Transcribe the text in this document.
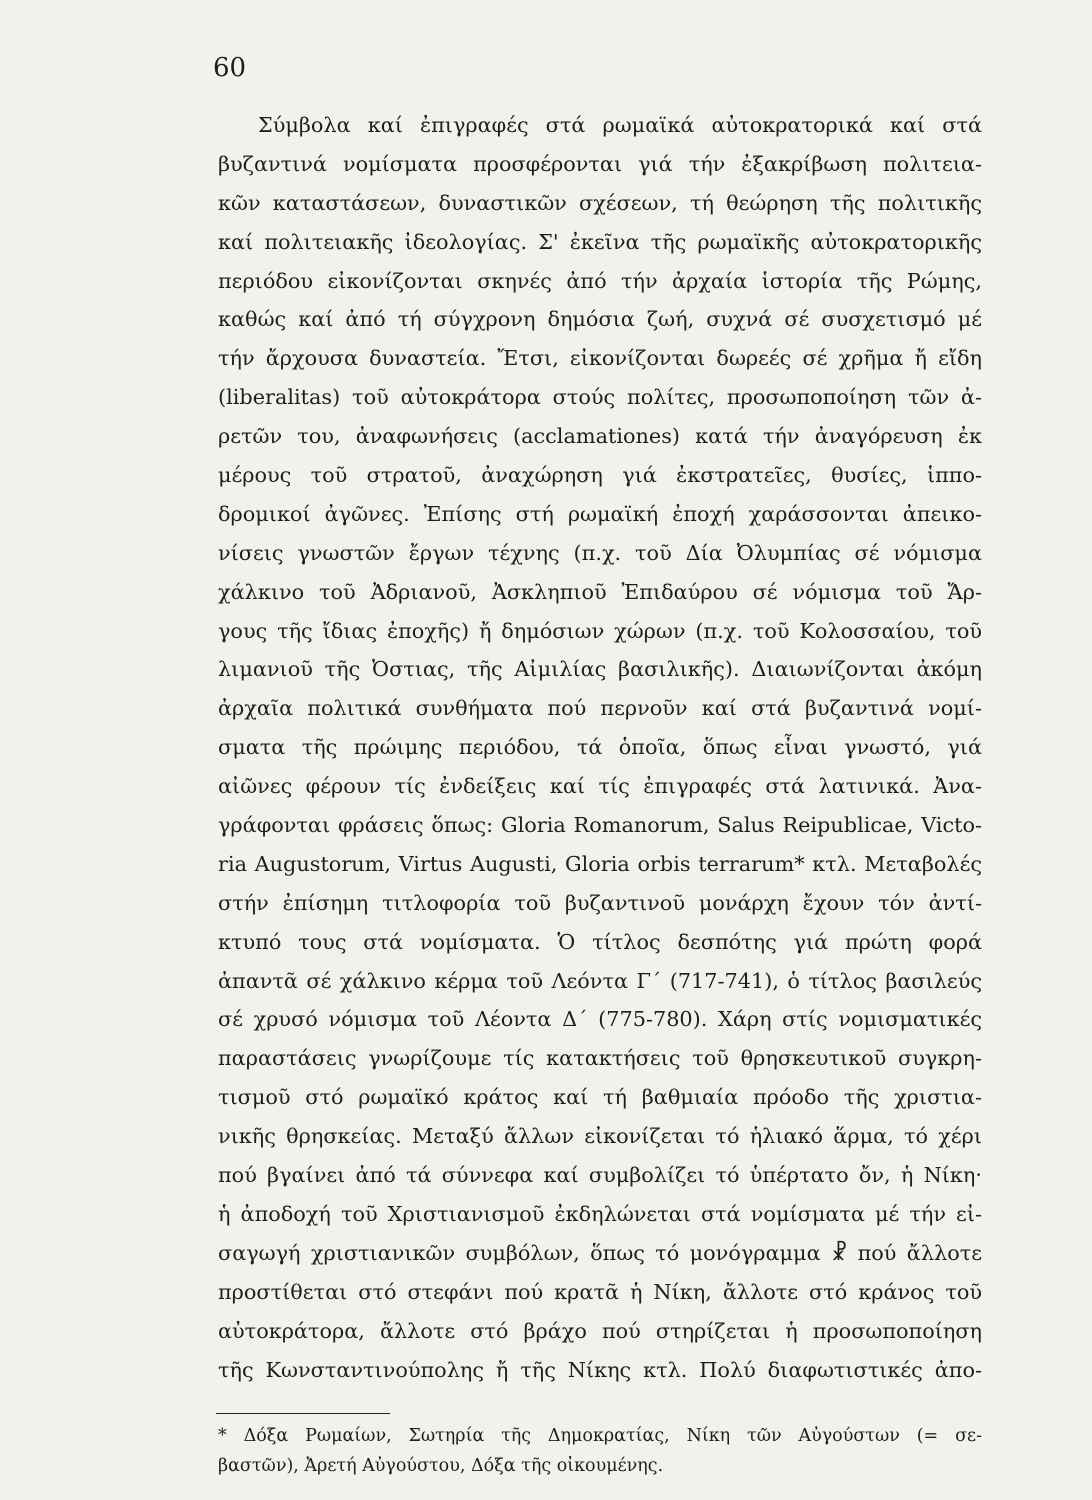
60
Σύμβολα καί ἐπιγραφές στά ρωμαϊκά αὐτοκρατορικά καί στά
βυζαντινά νομίσματα προσφέρονται γιά τήν ἐξακρίβωση πολιτεια-
κῶν καταστάσεων, δυναστικῶν σχέσεων, τή θεώρηση τῆς πολιτικῆς
καί πολιτειακῆς ἰδεολογίας. Σ' ἐκεῖνα τῆς ρωμαϊκῆς αὐτοκρατορικῆς
περιόδου εἰκονίζονται σκηνές ἀπό τήν ἀρχαία ἱστορία τῆς Ρώμης,
καθώς καί ἀπό τή σύγχρονη δημόσια ζωή, συχνά σέ συσχετισμό μέ
τήν ἄρχουσα δυναστεία. Ἔτσι, εἰκονίζονται δωρεές σέ χρῆμα ἤ εἴδη
(liberalitas) τοῦ αὐτοκράτορα στούς πολίτες, προσωποποίηση τῶν ἀ-
ρετῶν του, ἀναφωνήσεις (acclamationes) κατά τήν ἀναγόρευση ἐκ
μέρους τοῦ στρατοῦ, ἀναχώρηση γιά ἐκστρατεῖες, θυσίες, ἱππο-
δρομικοί ἀγῶνες. Ἐπίσης στή ρωμαϊκή ἐποχή χαράσσονται ἀπεικο-
νίσεις γνωστῶν ἔργων τέχνης (π.χ. τοῦ Δία Ὀλυμπίας σέ νόμισμα
χάλκινο τοῦ Ἀδριανοῦ, Ἀσκληπιοῦ Ἐπιδαύρου σέ νόμισμα τοῦ Ἄρ-
γους τῆς ἴδιας ἐποχῆς) ἤ δημόσιων χώρων (π.χ. τοῦ Κολοσσαίου, τοῦ
λιμανιοῦ τῆς Ὀστιας, τῆς Αἰμιλίας βασιλικῆς). Διαιωνίζονται ἀκόμη
ἀρχαῖα πολιτικά συνθήματα πού περνοῦν καί στά βυζαντινά νομί-
σματα τῆς πρώιμης περιόδου, τά ὁποῖα, ὅπως εἶναι γνωστό, γιά
αἰῶνες φέρουν τίς ἐνδείξεις καί τίς ἐπιγραφές στά λατινικά. Ἀνα-
γράφονται φράσεις ὅπως: Gloria Romanorum, Salus Reipublicae, Victo-
ria Augustorum, Virtus Augusti, Gloria orbis terrarum* κτλ. Μεταβολές
στήν ἐπίσημη τιτλοφορία τοῦ βυζαντινοῦ μονάρχη ἔχουν τόν ἀντί-
κτυπό τους στά νομίσματα. Ὁ τίτλος δεσπότης γιά πρώτη φορά
ἀπαντᾶ σέ χάλκινο κέρμα τοῦ Λεόντα Γ΄ (717-741), ὁ τίτλος βασιλεύς
σέ χρυσό νόμισμα τοῦ Λέοντα Δ΄ (775-780). Χάρη στίς νομισματικές
παραστάσεις γνωρίζουμε τίς κατακτήσεις τοῦ θρησκευτικοῦ συγκρη-
τισμοῦ στό ρωμαϊκό κράτος καί τή βαθμιαία πρόοδο τῆς χριστια-
νικῆς θρησκείας. Μεταξύ ἄλλων εἰκονίζεται τό ἡλιακό ἅρμα, τό χέρι
πού βγαίνει ἀπό τά σύννεφα καί συμβολίζει τό ὑπέρτατο ὄν, ἡ Νίκη·
ἡ ἀποδοχή τοῦ Χριστιανισμοῦ ἐκδηλώνεται στά νομίσματα μέ τήν εἰ-
σαγωγή χριστιανικῶν συμβόλων, ὅπως τό μονόγραμμα ☧ πού ἄλλοτε
προστίθεται στό στεφάνι πού κρατᾶ ἡ Νίκη, ἄλλοτε στό κράνος τοῦ
αὐτοκράτορα, ἄλλοτε στό βράχο πού στηρίζεται ἡ προσωποποίηση
τῆς Κωνσταντινούπολης ἤ τῆς Νίκης κτλ. Πολύ διαφωτιστικές ἀπο-
* Δόξα Ρωμαίων, Σωτηρία τῆς Δημοκρατίας, Νίκη τῶν Αὐγούστων (= σε-
βαστῶν), Ἀρετή Αὐγούστου, Δόξα τῆς οἰκουμένης.
